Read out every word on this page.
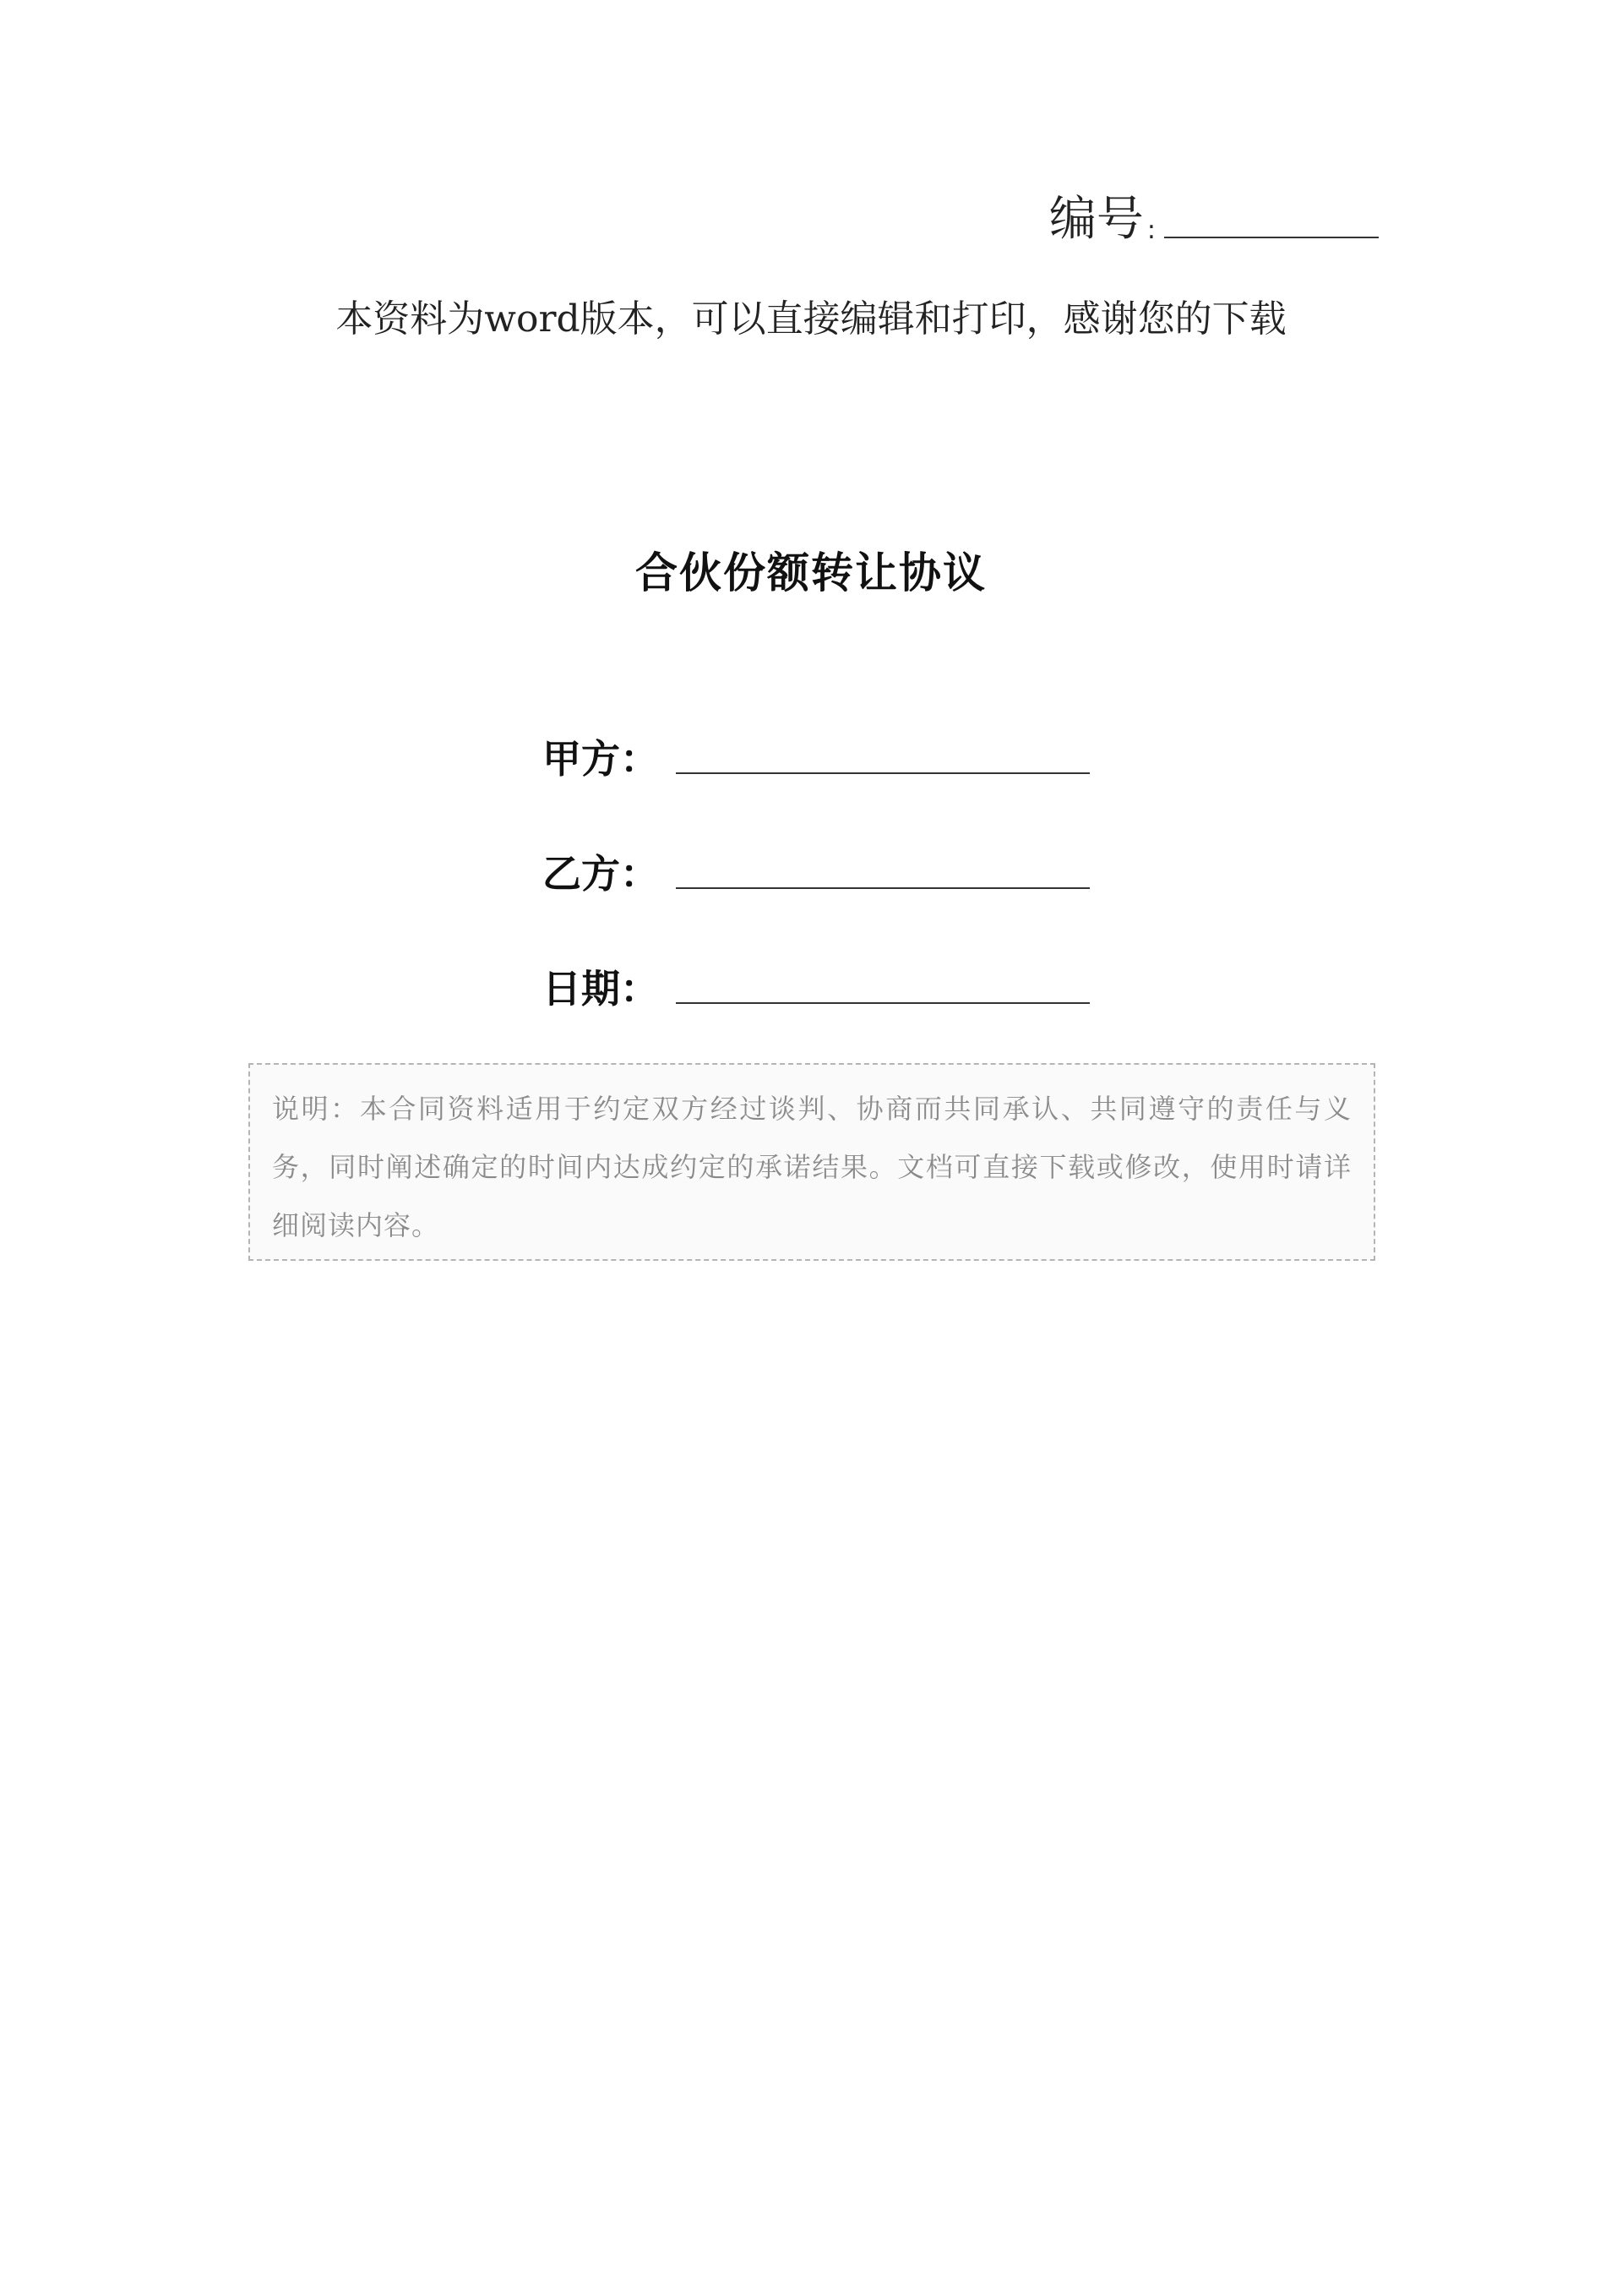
编号 :
本资料为word版本，可以直接编辑和打印，感谢您的下载
合伙份额转让协议
甲方：
乙方：
日期：
说明：本合同资料适用于约定双方经过谈判、协商而共同承认、共同遵守的责任与义务，同时阐述确定的时间内达成约定的承诺结果。文档可直接下载或修改，使用时请详细阅读内容。
